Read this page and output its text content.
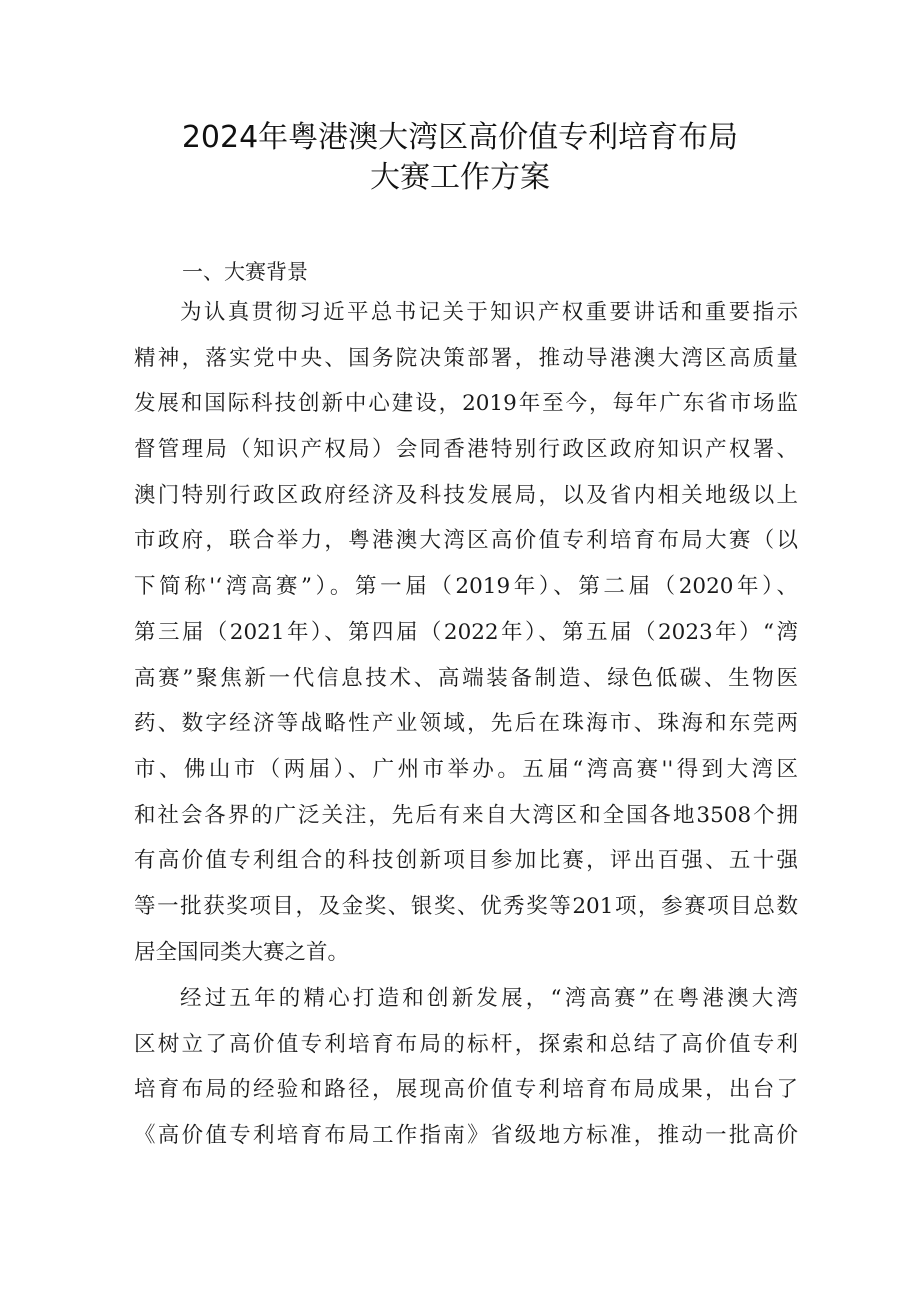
2024年粤港澳大湾区高价值专利培育布局
大赛工作方案
一、大赛背景
为认真贯彻习近平总书记关于知识产权重要讲话和重要指示
精神，落实党中央、国务院决策部署，推动导港澳大湾区高质量
发展和国际科技创新中心建设，2019年至今，每年广东省市场监
督管理局（知识产权局）会同香港特别行政区政府知识产权署、
澳门特别行政区政府经济及科技发展局，以及省内相关地级以上
市政府，联合举力，粤港澳大湾区高价值专利培育布局大赛（以
下简称'‘湾高赛”）。第一届（2019年）、第二届（2020年）、
第三届（2021年）、第四届（2022年）、第五届（2023年）“湾
高赛”聚焦新一代信息技术、高端装备制造、绿色低碳、生物医
药、数字经济等战略性产业领域，先后在珠海市、珠海和东莞两
市、佛山市（两届）、广州市举办。五届“湾高赛''得到大湾区
和社会各界的广泛关注，先后有来自大湾区和全国各地3508个拥
有高价值专利组合的科技创新项目参加比赛，评出百强、五十强
等一批获奖项目，及金奖、银奖、优秀奖等201项，参赛项目总数
居全国同类大赛之首。
经过五年的精心打造和创新发展，“湾高赛”在粤港澳大湾
区树立了高价值专利培育布局的标杆，探索和总结了高价值专利
培育布局的经验和路径，展现高价值专利培育布局成果，出台了
《高价值专利培育布局工作指南》省级地方标准，推动一批高价
